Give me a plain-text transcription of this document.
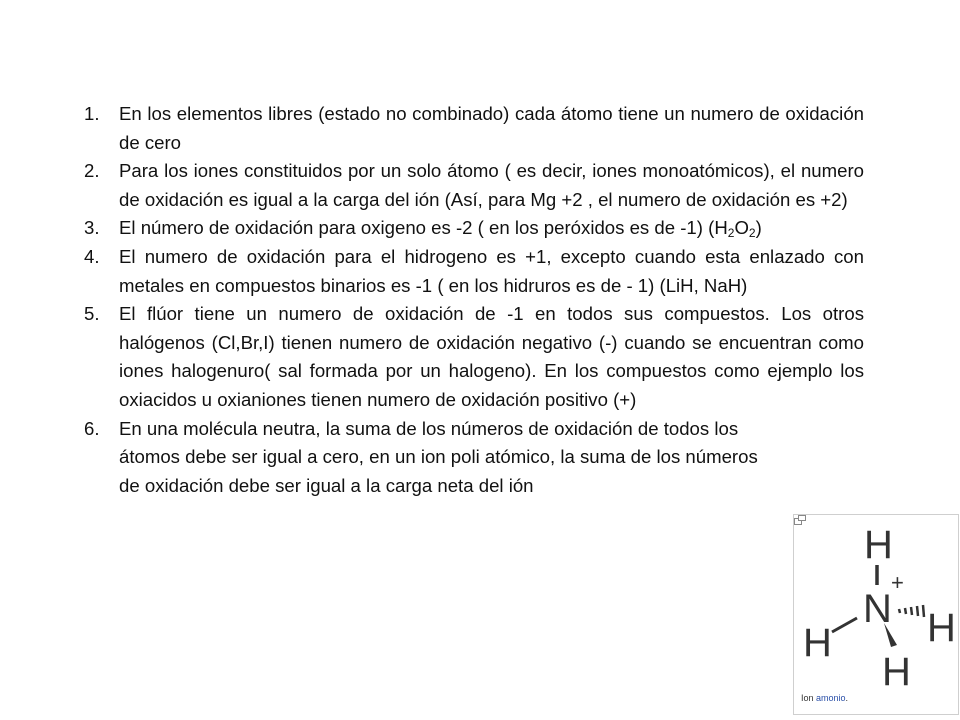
1. En los elementos libres (estado no combinado) cada átomo tiene un numero de oxidación de cero
2. Para los iones constituidos por un solo átomo ( es decir, iones monoatómicos), el numero de oxidación es igual a la carga del ión (Así, para Mg +2 , el numero de oxidación es +2)
3. El número de oxidación para oxigeno es -2 ( en los peróxidos es de -1) $(H_2O_2)$
4. El numero de oxidación para el hidrogeno es +1, excepto cuando esta enlazado con metales en compuestos binarios es -1 ( en los hidruros es de - 1) (LiH, NaH)
5. El flúor tiene un numero de oxidación de -1 en todos sus compuestos. Los otros halógenos (Cl,Br,I) tienen numero de oxidación negativo (-) cuando se encuentran como iones halogenuro( sal formada por un halogeno). En los compuestos como ejemplo los oxiacidos u oxianiones tienen numero de oxidación positivo (+)
6. En una molécula neutra, la suma de los números de oxidación de todos los átomos debe ser igual a cero, en un ion poli atómico, la suma de los números de oxidación debe ser igual a la carga neta del ión
H
+
N
H H
H
Ion amonio.
